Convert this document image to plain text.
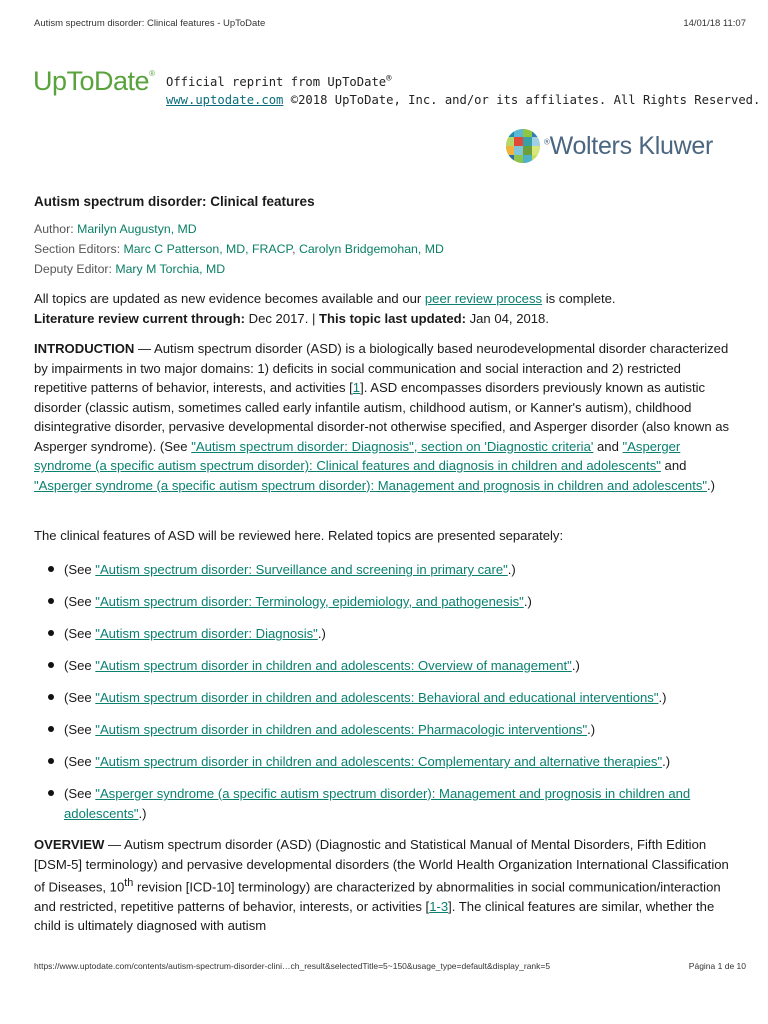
Autism spectrum disorder: Clinical features - UpToDate	14/01/18 11:07
UpToDate®
Official reprint from UpToDate®
www.uptodate.com ©2018 UpToDate, Inc. and/or its affiliates. All Rights Reserved.
®Wolters Kluwer
Autism spectrum disorder: Clinical features
Author: Marilyn Augustyn, MD
Section Editors: Marc C Patterson, MD, FRACP, Carolyn Bridgemohan, MD
Deputy Editor: Mary M Torchia, MD

All topics are updated as new evidence becomes available and our peer review process is complete.

Literature review current through: Dec 2017. | This topic last updated: Jan 04, 2018.

INTRODUCTION — Autism spectrum disorder (ASD) is a biologically based neurodevelopmental disorder characterized by impairments in two major domains: 1) deficits in social communication and social interaction and 2) restricted repetitive patterns of behavior, interests, and activities [1]. ASD encompasses disorders previously known as autistic disorder (classic autism, sometimes called early infantile autism, childhood autism, or Kanner's autism), childhood disintegrative disorder, pervasive developmental disorder-not otherwise specified, and Asperger disorder (also known as Asperger syndrome). (See "Autism spectrum disorder: Diagnosis", section on 'Diagnostic criteria' and "Asperger syndrome (a specific autism spectrum disorder): Clinical features and diagnosis in children and adolescents" and "Asperger syndrome (a specific autism spectrum disorder): Management and prognosis in children and adolescents".)

The clinical features of ASD will be reviewed here. Related topics are presented separately:
(See "Autism spectrum disorder: Surveillance and screening in primary care".)
(See "Autism spectrum disorder: Terminology, epidemiology, and pathogenesis".)
(See "Autism spectrum disorder: Diagnosis".)
(See "Autism spectrum disorder in children and adolescents: Overview of management".)
(See "Autism spectrum disorder in children and adolescents: Behavioral and educational interventions".)
(See "Autism spectrum disorder in children and adolescents: Pharmacologic interventions".)
(See "Autism spectrum disorder in children and adolescents: Complementary and alternative therapies".)
(See "Asperger syndrome (a specific autism spectrum disorder): Management and prognosis in children and adolescents".)

OVERVIEW — Autism spectrum disorder (ASD) (Diagnostic and Statistical Manual of Mental Disorders, Fifth Edition [DSM-5] terminology) and pervasive developmental disorders (the World Health Organization International Classification of Diseases, 10th revision [ICD-10] terminology) are characterized by abnormalities in social communication/interaction and restricted, repetitive patterns of behavior, interests, or activities [1-3]. The clinical features are similar, whether the child is ultimately diagnosed with autism

https://www.uptodate.com/contents/autism-spectrum-disorder-clini…ch_result&selectedTitle=5~150&usage_type=default&display_rank=5	Página 1 de 10
